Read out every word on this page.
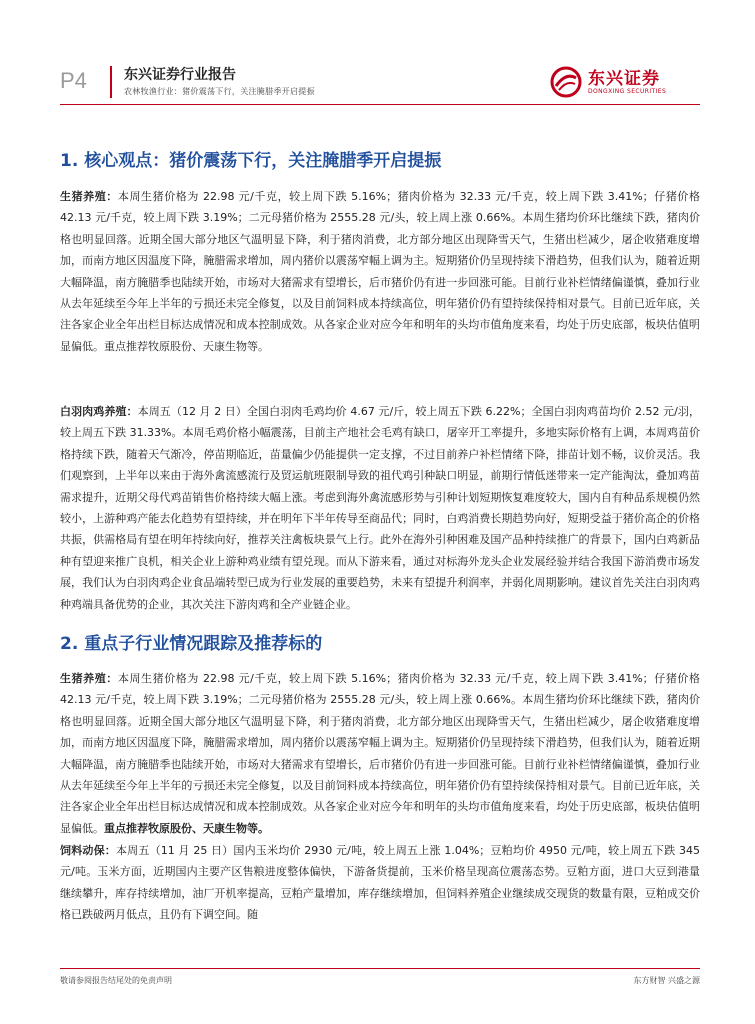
P4	东兴证券行业报告
农林牧渔行业：猪价震荡下行，关注腌腊季开启提振
东兴证券
DONGXING SECURITIES
1. 核心观点：猪价震荡下行，关注腌腊季开启提振
生猪养殖：本周生猪价格为 22.98 元/千克，较上周下跌 5.16%；猪肉价格为 32.33 元/千克，较上周下跌 3.41%；仔猪价格 42.13 元/千克，较上周下跌 3.19%；二元母猪价格为 2555.28 元/头，较上周上涨 0.66%。本周生猪均价环比继续下跌，猪肉价格也明显回落。近期全国大部分地区气温明显下降，利于猪肉消费，北方部分地区出现降雪天气，生猪出栏减少，屠企收猪难度增加，而南方地区因温度下降，腌腊需求增加，周内猪价以震荡窄幅上调为主。短期猪价仍呈现持续下滑趋势，但我们认为，随着近期大幅降温，南方腌腊季也陆续开始，市场对大猪需求有望增长，后市猪价仍有进一步回涨可能。目前行业补栏情绪偏谨慎，叠加行业从去年延续至今年上半年的亏损还未完全修复，以及目前饲料成本持续高位，明年猪价仍有望持续保持相对景气。目前已近年底，关注各家企业全年出栏目标达成情况和成本控制成效。从各家企业对应今年和明年的头均市值角度来看，均处于历史底部，板块估值明显偏低。重点推荐牧原股份、天康生物等。
白羽肉鸡养殖：本周五（12 月 2 日）全国白羽肉毛鸡均价 4.67 元/斤，较上周五下跌 6.22%；全国白羽肉鸡苗均价 2.52 元/羽，较上周五下跌 31.33%。本周毛鸡价格小幅震荡，目前主产地社会毛鸡有缺口，屠宰开工率提升，多地实际价格有上调，本周鸡苗价格持续下跌，随着天气渐冷，停苗期临近，苗量偏少仍能提供一定支撑，不过目前养户补栏情绪下降，排苗计划不畅，议价灵活。我们观察到，上半年以来由于海外禽流感流行及贸运航班限制导致的祖代鸡引种缺口明显，前期行情低迷带来一定产能淘汰，叠加鸡苗需求提升，近期父母代鸡苗销售价格持续大幅上涨。考虑到海外禽流感形势与引种计划短期恢复难度较大，国内自有种品系规模仍然较小，上游种鸡产能去化趋势有望持续，并在明年下半年传导至商品代；同时，白鸡消费长期趋势向好，短期受益于猪价高企的价格共振，供需格局有望在明年持续向好，推荐关注禽板块景气上行。此外在海外引种困难及国产品种持续推广的背景下，国内白鸡新品种有望迎来推广良机，相关企业上游种鸡业绩有望兑现。而从下游来看，通过对标海外龙头企业发展经验并结合我国下游消费市场发展，我们认为白羽肉鸡企业食品端转型已成为行业发展的重要趋势，未来有望提升利润率，并弱化周期影响。建议首先关注白羽肉鸡种鸡端具备优势的企业，其次关注下游肉鸡和全产业链企业。
2. 重点子行业情况跟踪及推荐标的
生猪养殖：本周生猪价格为 22.98 元/千克，较上周下跌 5.16%；猪肉价格为 32.33 元/千克，较上周下跌 3.41%；仔猪价格 42.13 元/千克，较上周下跌 3.19%；二元母猪价格为 2555.28 元/头，较上周上涨 0.66%。本周生猪均价环比继续下跌，猪肉价格也明显回落。近期全国大部分地区气温明显下降，利于猪肉消费，北方部分地区出现降雪天气，生猪出栏减少，屠企收猪难度增加，而南方地区因温度下降，腌腊需求增加，周内猪价以震荡窄幅上调为主。短期猪价仍呈现持续下滑趋势，但我们认为，随着近期大幅降温，南方腌腊季也陆续开始，市场对大猪需求有望增长，后市猪价仍有进一步回涨可能。目前行业补栏情绪偏谨慎，叠加行业从去年延续至今年上半年的亏损还未完全修复，以及目前饲料成本持续高位，明年猪价仍有望持续保持相对景气。目前已近年底，关注各家企业全年出栏目标达成情况和成本控制成效。从各家企业对应今年和明年的头均市值角度来看，均处于历史底部，板块估值明显偏低。重点推荐牧原股份、天康生物等。
饲料动保：本周五（11 月 25 日）国内玉米均价 2930 元/吨，较上周五上涨 1.04%；豆粕均价 4950 元/吨，较上周五下跌 345 元/吨。玉米方面，近期国内主要产区售粮进度整体偏快，下游备货提前，玉米价格呈现高位震荡态势。豆粕方面，进口大豆到港量继续攀升，库存持续增加，油厂开机率提高，豆粕产量增加，库存继续增加，但饲料养殖企业继续成交现货的数量有限，豆粕成交价格已跌破两月低点，且仍有下调空间。随
敬请参阅报告结尾处的免责声明	东方财智 兴盛之源
